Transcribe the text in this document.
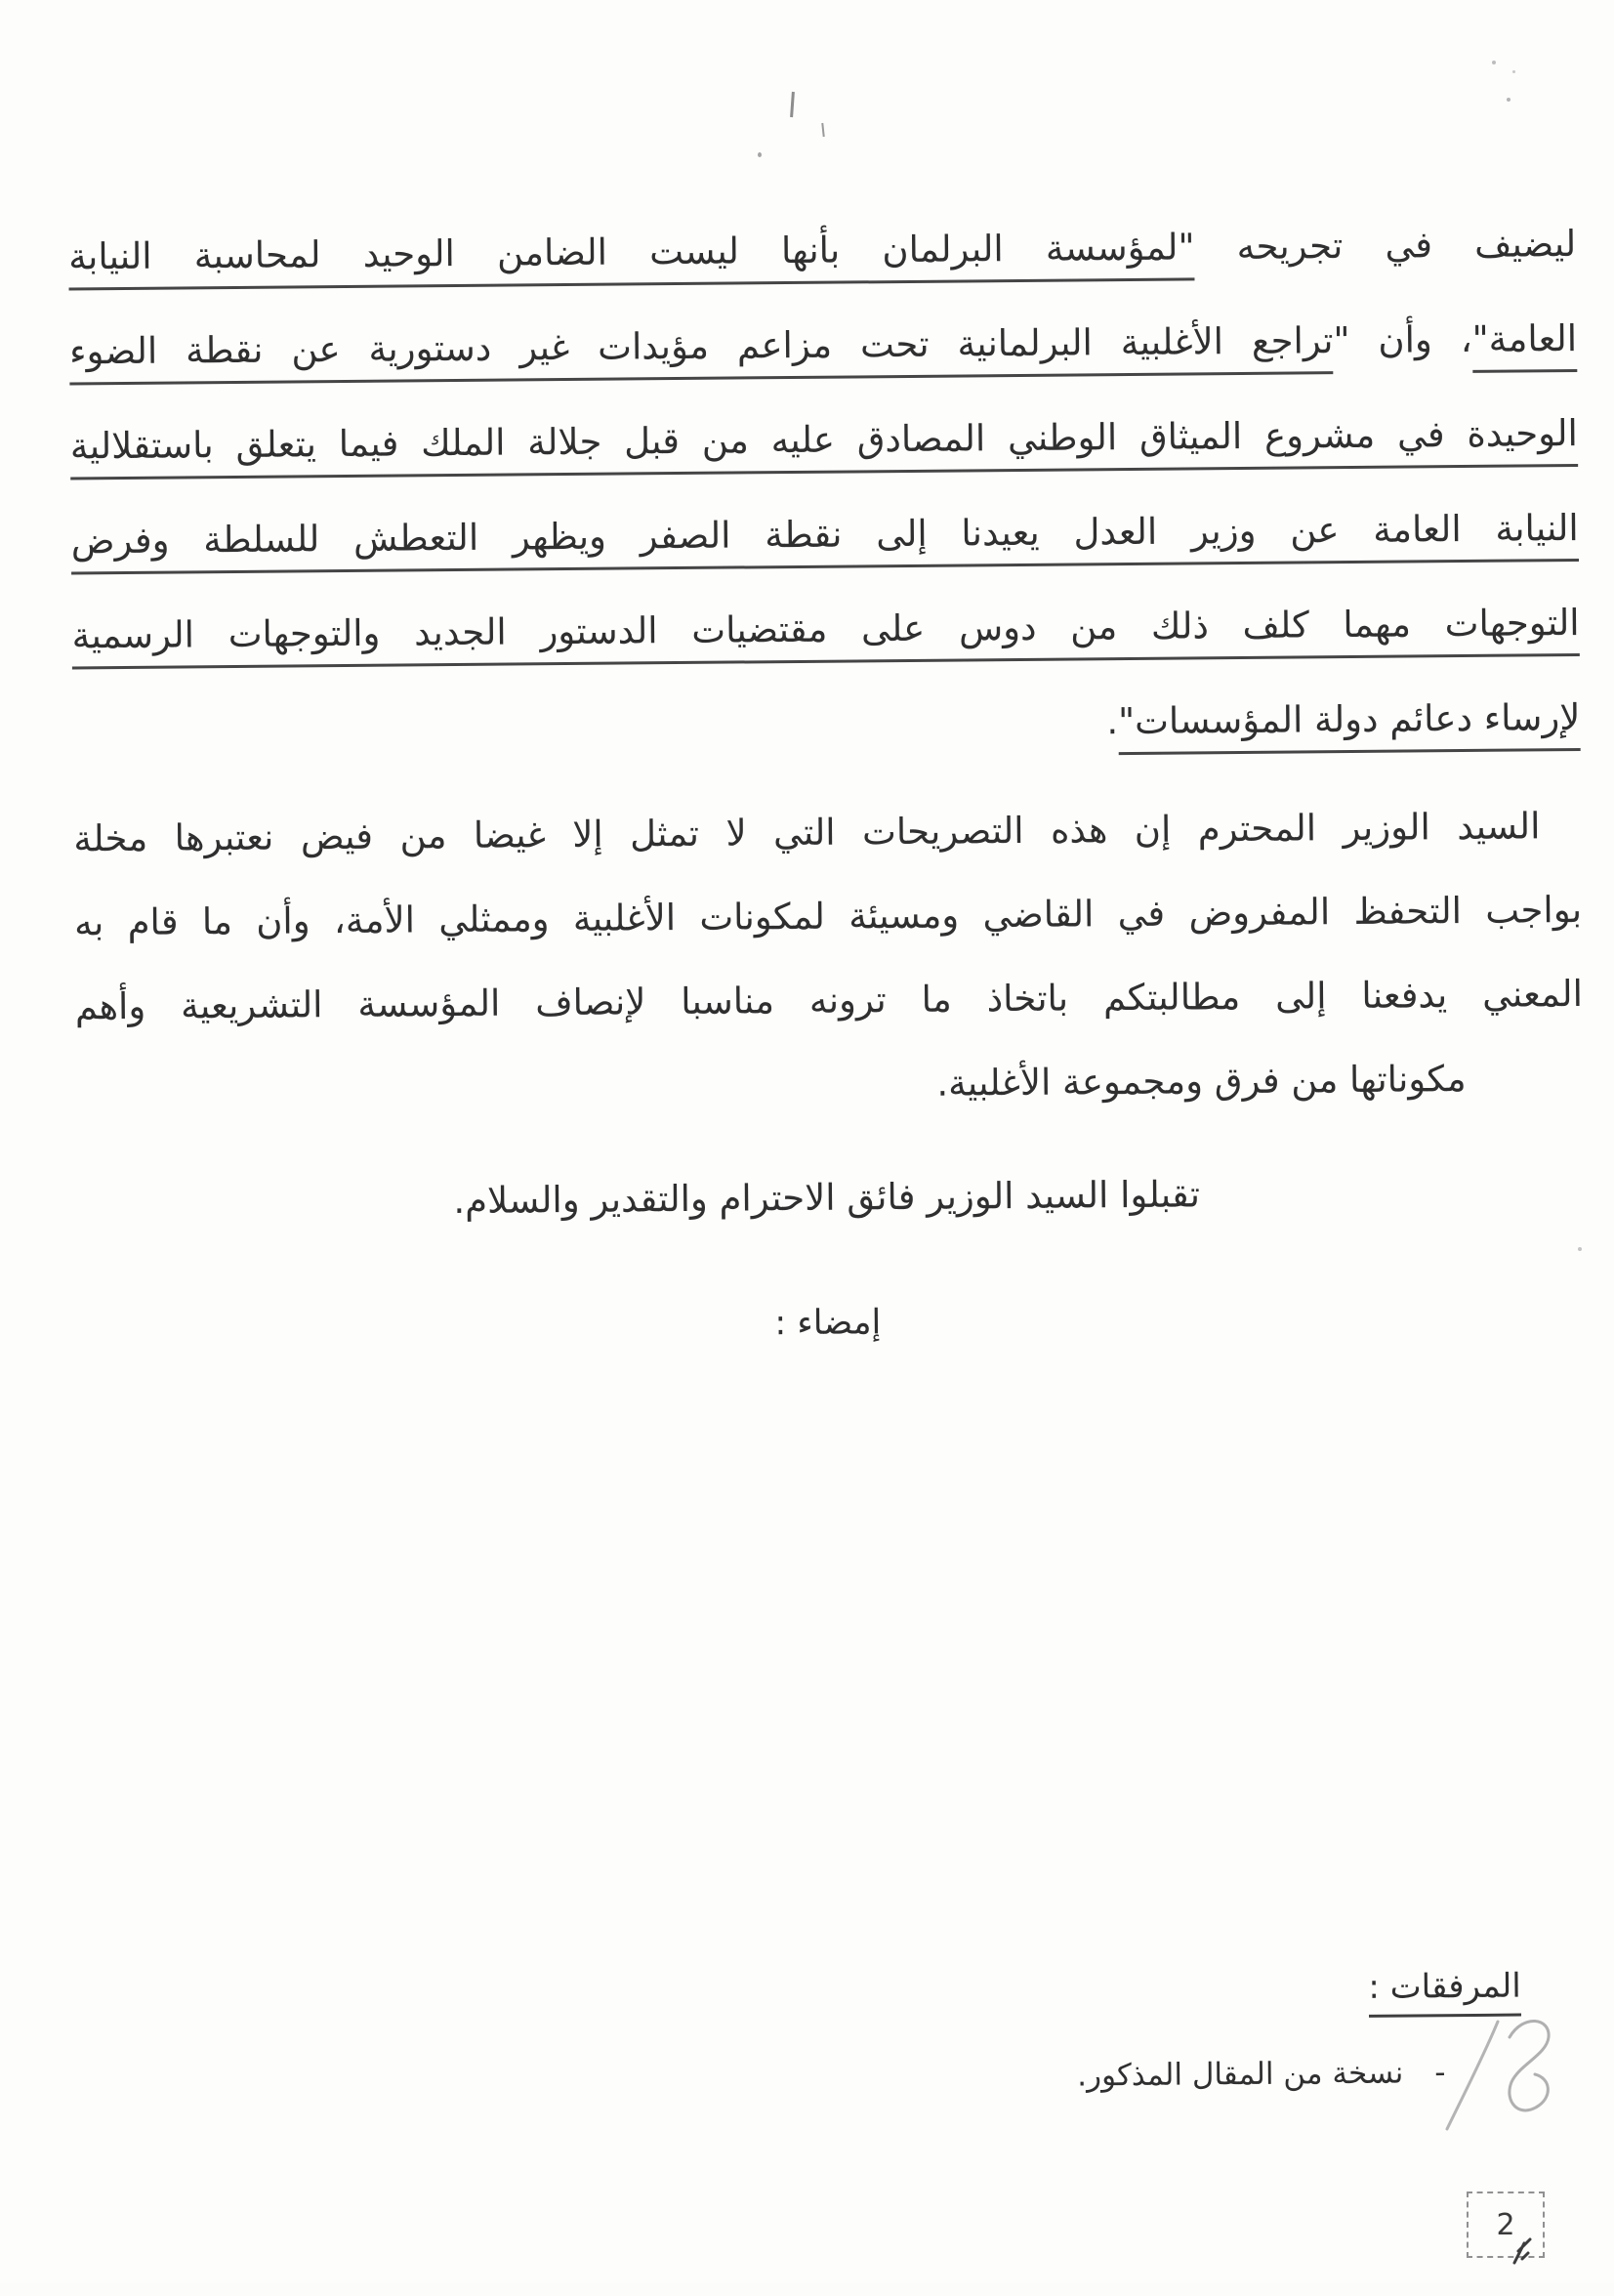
ليضيف في تجريحه "لمؤسسة البرلمان بأنها ليست الضامن الوحيد لمحاسبة النيابة
العامة"، وأن "تراجع الأغلبية البرلمانية تحت مزاعم مؤيدات غير دستورية عن نقطة الضوء
الوحيدة في مشروع الميثاق الوطني المصادق عليه من قبل جلالة الملك فيما يتعلق باستقلالية
النيابة العامة عن وزير العدل يعيدنا إلى نقطة الصفر ويظهر التعطش للسلطة وفرض
التوجهات مهما كلف ذلك من دوس على مقتضيات الدستور الجديد والتوجهات الرسمية
لإرساء دعائم دولة المؤسسات".
السيد الوزير المحترم إن هذه التصريحات التي لا تمثل إلا غيضا من فيض نعتبرها مخلة
بواجب التحفظ المفروض في القاضي ومسيئة لمكونات الأغلبية وممثلي الأمة، وأن ما قام به
المعني يدفعنا إلى مطالبتكم باتخاذ ما ترونه مناسبا لإنصاف المؤسسة التشريعية وأهم
مكوناتها من فرق ومجموعة الأغلبية.
تقبلوا السيد الوزير فائق الاحترام والتقدير والسلام.
إمضاء :
المرفقات :
-
نسخة من المقال المذكور.
2
